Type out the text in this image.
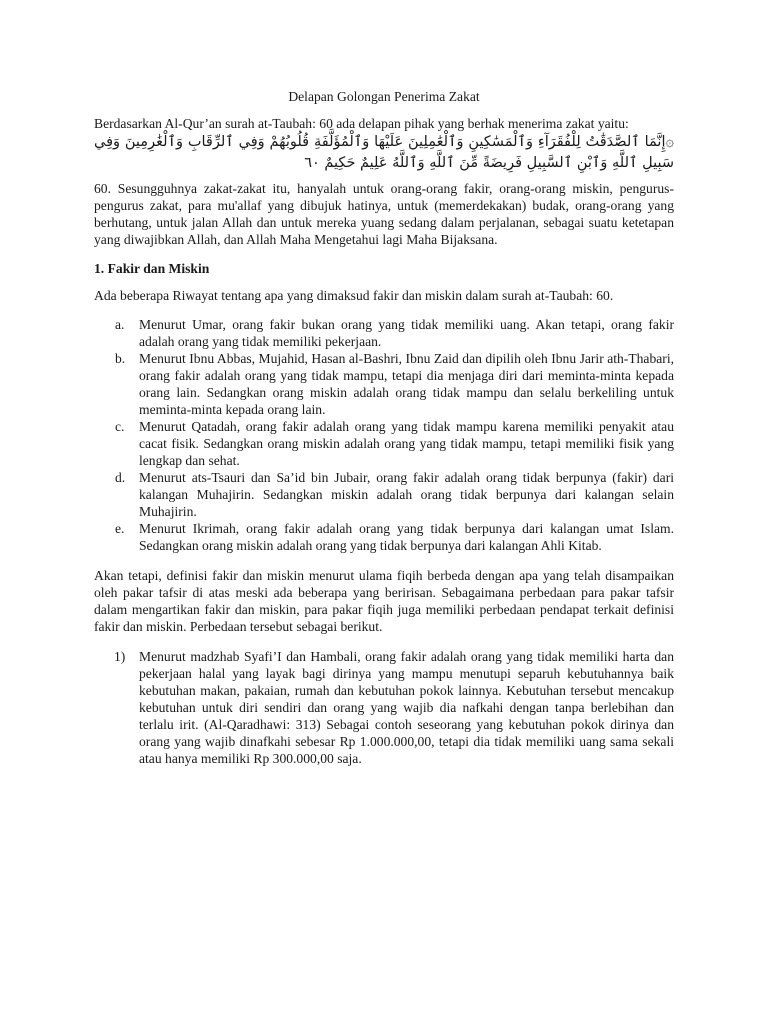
Delapan Golongan Penerima Zakat

Berdasarkan Al-Qur’an surah at-Taubah: 60 ada delapan pihak yang berhak menerima zakat yaitu:

۞إِنَّمَا ٱلصَّدَقَٰتُ لِلْفُقَرَآءِ وَٱلْمَسَٰكِينِ وَٱلْعَٰمِلِينَ عَلَيْهَا وَٱلْمُؤَلَّفَةِ قُلُوبُهُمْ وَفِي ٱلرِّقَابِ وَٱلْغَٰرِمِينَ وَفِي سَبِيلِ ٱللَّهِ وَٱبْنِ ٱلسَّبِيلِ فَرِيضَةً مِّنَ ٱللَّهِ وَٱللَّهُ عَلِيمٌ حَكِيمٌ ٦٠

60. Sesungguhnya zakat-zakat itu, hanyalah untuk orang-orang fakir, orang-orang miskin, pengurus-pengurus zakat, para mu'allaf yang dibujuk hatinya, untuk (memerdekakan) budak, orang-orang yang berhutang, untuk jalan Allah dan untuk mereka yuang sedang dalam perjalanan, sebagai suatu ketetapan yang diwajibkan Allah, dan Allah Maha Mengetahui lagi Maha Bijaksana.

1. Fakir dan Miskin

Ada beberapa Riwayat tentang apa yang dimaksud fakir dan miskin dalam surah at-Taubah: 60.

a. Menurut Umar, orang fakir bukan orang yang tidak memiliki uang. Akan tetapi, orang fakir adalah orang yang tidak memiliki pekerjaan.
b. Menurut Ibnu Abbas, Mujahid, Hasan al-Bashri, Ibnu Zaid dan dipilih oleh Ibnu Jarir ath-Thabari, orang fakir adalah orang yang tidak mampu, tetapi dia menjaga diri dari meminta-minta kepada orang lain. Sedangkan orang miskin adalah orang tidak mampu dan selalu berkeliling untuk meminta-minta kepada orang lain.
c. Menurut Qatadah, orang fakir adalah orang yang tidak mampu karena memiliki penyakit atau cacat fisik. Sedangkan orang miskin adalah orang yang tidak mampu, tetapi memiliki fisik yang lengkap dan sehat.
d. Menurut ats-Tsauri dan Sa’id bin Jubair, orang fakir adalah orang tidak berpunya (fakir) dari kalangan Muhajirin. Sedangkan miskin adalah orang tidak berpunya dari kalangan selain Muhajirin.
e. Menurut Ikrimah, orang fakir adalah orang yang tidak berpunya dari kalangan umat Islam. Sedangkan orang miskin adalah orang yang tidak berpunya dari kalangan Ahli Kitab.

Akan tetapi, definisi fakir dan miskin menurut ulama fiqih berbeda dengan apa yang telah disampaikan oleh pakar tafsir di atas meski ada beberapa yang beririsan. Sebagaimana perbedaan para pakar tafsir dalam mengartikan fakir dan miskin, para pakar fiqih juga memiliki perbedaan pendapat terkait definisi fakir dan miskin. Perbedaan tersebut sebagai berikut.

1) Menurut madzhab Syafi’I dan Hambali, orang fakir adalah orang yang tidak memiliki harta dan pekerjaan halal yang layak bagi dirinya yang mampu menutupi separuh kebutuhannya baik kebutuhan makan, pakaian, rumah dan kebutuhan pokok lainnya. Kebutuhan tersebut mencakup kebutuhan untuk diri sendiri dan orang yang wajib dia nafkahi dengan tanpa berlebihan dan terlalu irit. (Al-Qaradhawi: 313) Sebagai contoh seseorang yang kebutuhan pokok dirinya dan orang yang wajib dinafkahi sebesar Rp 1.000.000,00, tetapi dia tidak memiliki uang sama sekali atau hanya memiliki Rp 300.000,00 saja.
